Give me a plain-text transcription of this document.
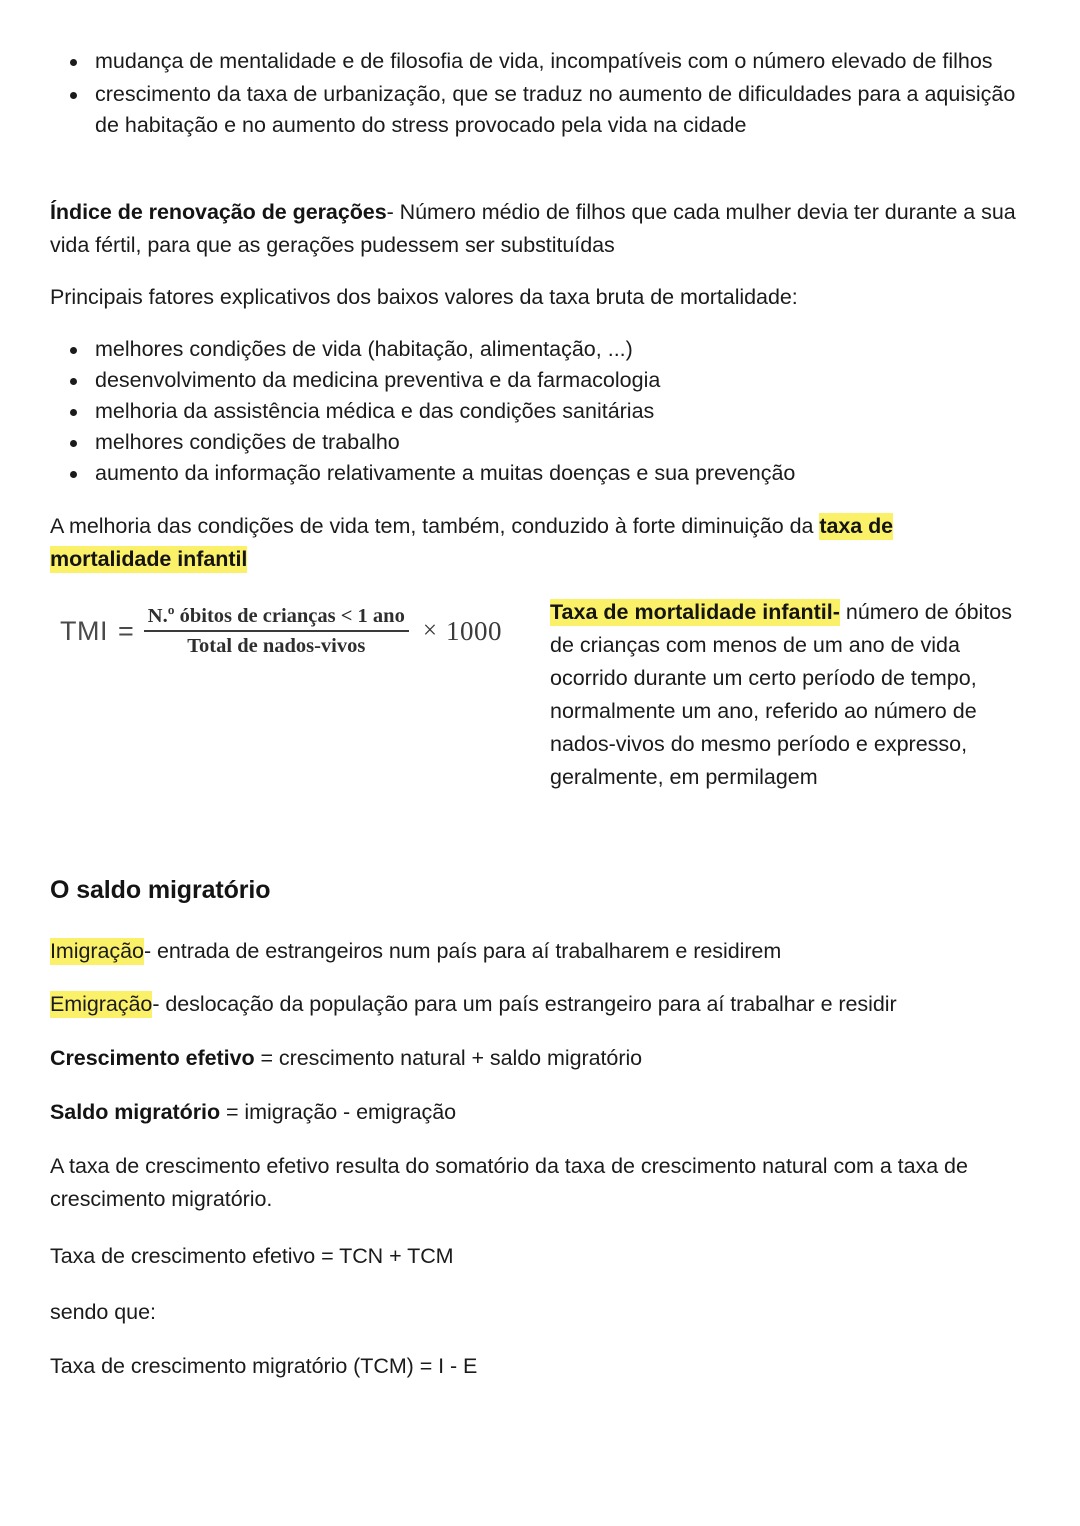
mudança de mentalidade e de filosofia de vida, incompatíveis com o número elevado de filhos
crescimento da taxa de urbanização, que se traduz no aumento de dificuldades para a aquisição de habitação e no aumento do stress provocado pela vida na cidade

Índice de renovação de gerações- Número médio de filhos que cada mulher devia ter durante a sua vida fértil, para que as gerações pudessem ser substituídas

Principais fatores explicativos dos baixos valores da taxa bruta de mortalidade:

melhores condições de vida (habitação, alimentação, ...)
desenvolvimento da medicina preventiva e da farmacologia
melhoria da assistência médica e das condições sanitárias
melhores condições de trabalho
aumento da informação relativamente a muitas doenças e sua prevenção

A melhoria das condições de vida tem, também, conduzido à forte diminuição da taxa de mortalidade infantil

TMI = $\frac{\text{N.º óbitos de crianças < 1 ano}}{\text{Total de nados-vivos}} \times 1000$
Taxa de mortalidade infantil- número de óbitos de crianças com menos de um ano de vida ocorrido durante um certo período de tempo, normalmente um ano, referido ao número de nados-vivos do mesmo período e expresso, geralmente, em permilagem
O saldo migratório

Imigração- entrada de estrangeiros num país para aí trabalharem e residirem

Emigração- deslocação da população para um país estrangeiro para aí trabalhar e residir

Crescimento efetivo = crescimento natural + saldo migratório

Saldo migratório = imigração - emigração

A taxa de crescimento efetivo resulta do somatório da taxa de crescimento natural com a taxa de crescimento migratório.

Taxa de crescimento efetivo = TCN + TCM

sendo que:

Taxa de crescimento migratório (TCM) = I - E
